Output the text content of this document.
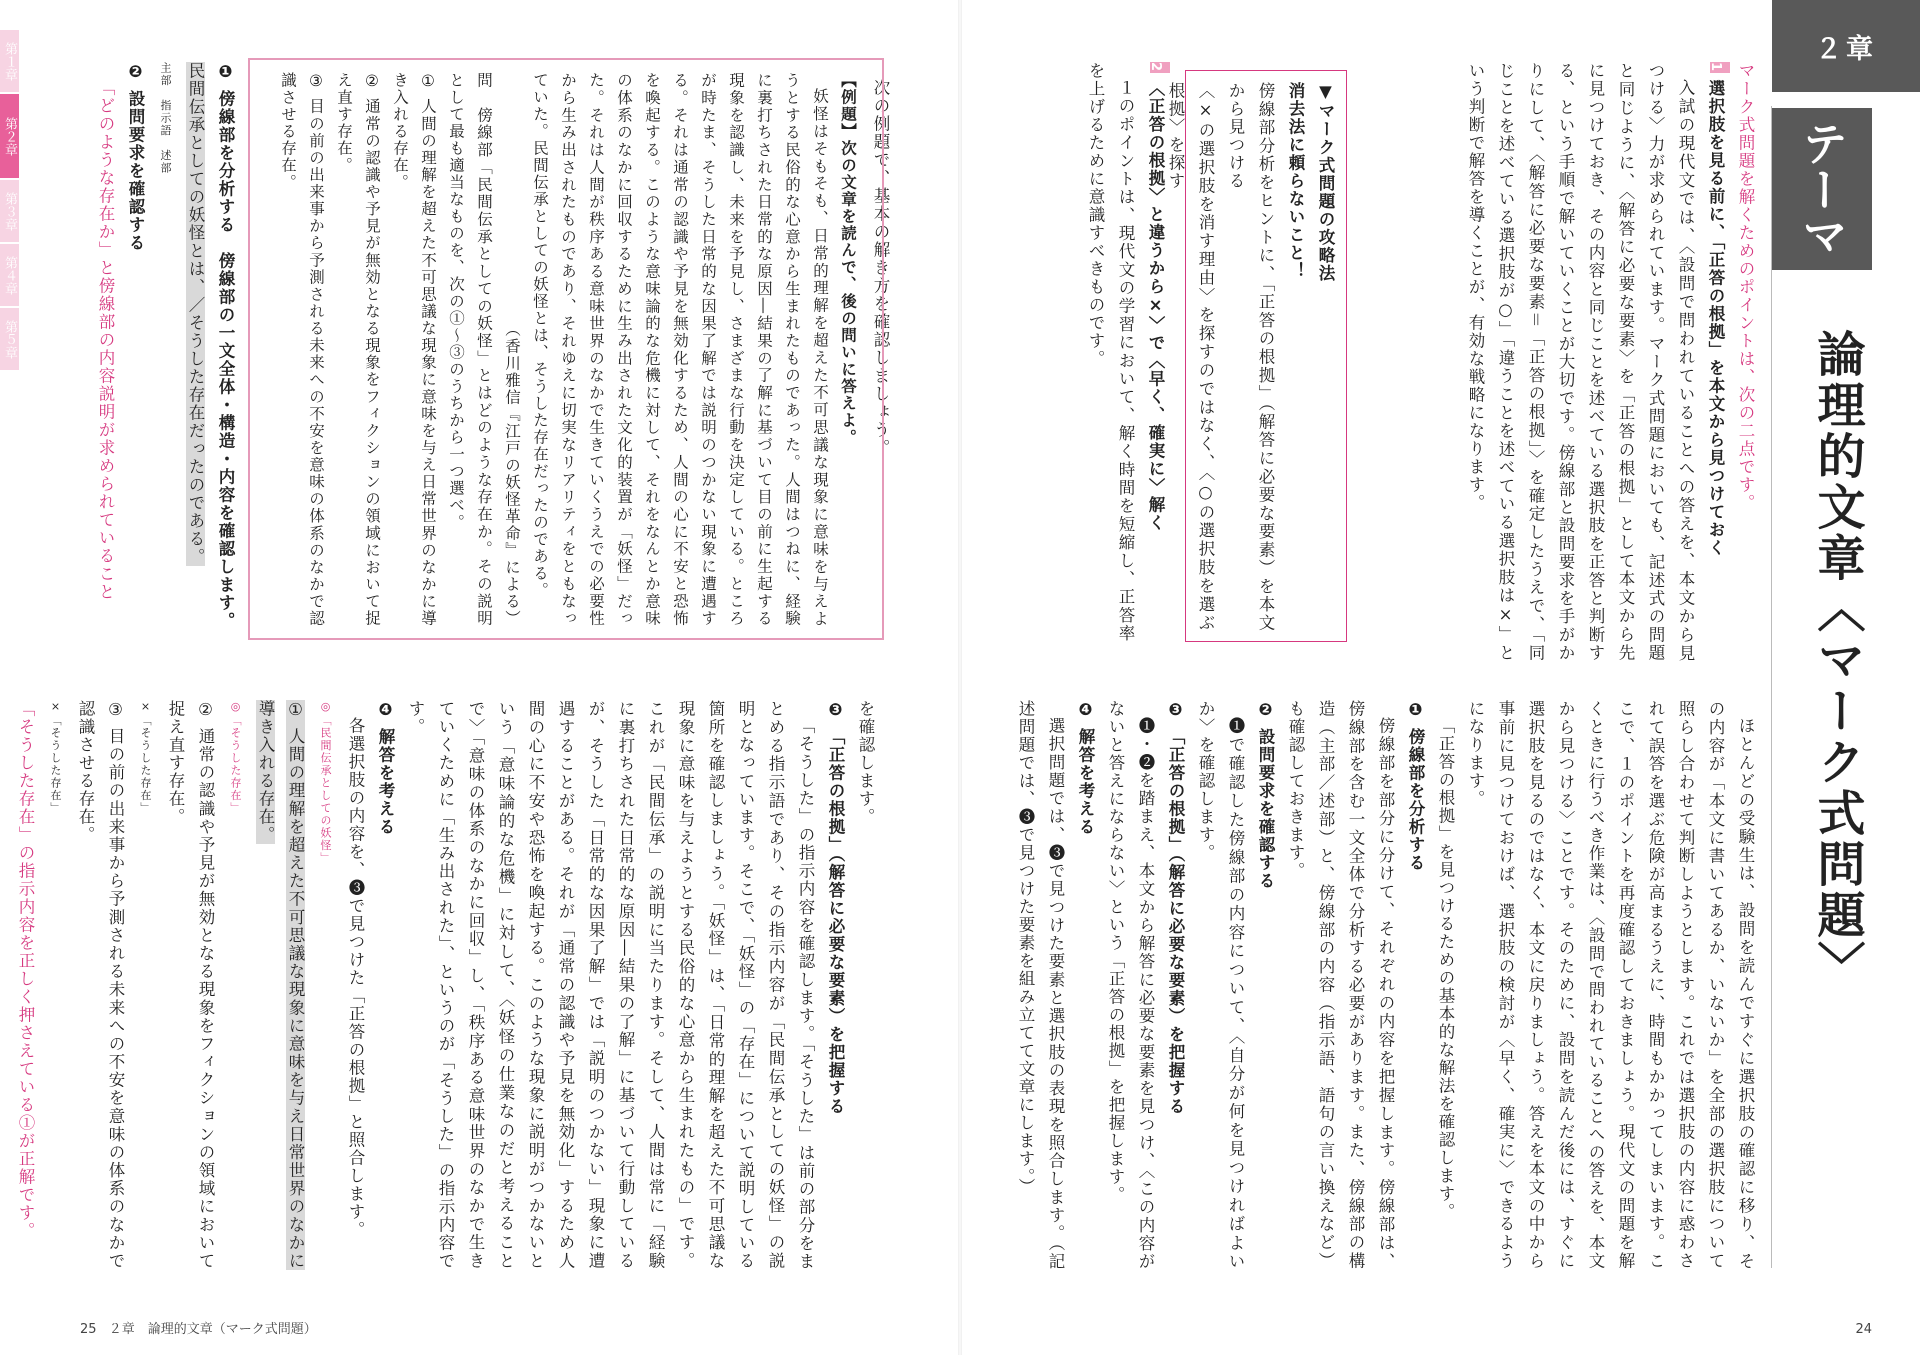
２章
テーマ
論理的文章〈マーク式問題〉

マーク式問題を解くためのポイントは、次の二点です。

1 選択肢を見る前に、「正答の根拠」を本文から見つけておく

入試の現代文では、〈設問で問われていることへの答えを、本文から見つける〉力が求められています。マーク式問題においても、記述式の問題と同じように、〈解答に必要な要素〉を「正答の根拠」として本文から先に見つけておき、その内容と同じことを述べている選択肢を正答と判断する、という手順で解いていくことが大切です。傍線部と設問要求を手がかりにして、〈解答に必要な要素＝「正答の根拠」〉を確定したうえで、「同じことを述べている選択肢が○」「違うことを述べている選択肢は×」という判断で解答を導くことが、有効な戦略になります。

▼マーク式問題の攻略法

消去法に頼らないこと！

傍線部分析をヒントに、「正答の根拠」（解答に必要な要素）を本文から見つける

〈×の選択肢を消す理由〉を探すのではなく、〈○の選択肢を選ぶ根拠〉を探す

2 〈正答の根拠〉と違うから×〉で〈早く、確実に〉解く

１のポイントは、現代文の学習において、解く時間を短縮し、正答率を上げるために意識すべきものです。

ほとんどの受験生は、設問を読んですぐに選択肢の確認に移り、その内容が「本文に書いてあるか、いないか」を全部の選択肢について照らし合わせて判断しようとします。これでは選択肢の内容に惑わされて誤答を選ぶ危険が高まるうえに、時間もかかってしまいます。ここで、１のポイントを再度確認しておきましょう。現代文の問題を解くときに行うべき作業は、〈設問で問われていることへの答えを、本文から見つける〉ことです。そのために、設問を読んだ後には、すぐに選択肢を見るのではなく、本文に戻りましょう。答えを本文の中から事前に見つけておけば、選択肢の検討が〈早く、確実に〉できるようになります。

「正答の根拠」を見つけるための基本的な解法を確認します。

❶ 傍線部を分析する

傍線部を部分に分けて、それぞれの内容を把握します。傍線部は、傍線部を含む一文全体で分析する必要があります。また、傍線部の構造（主部／述部）と、傍線部の内容（指示語、語句の言い換えなど）も確認しておきます。

❷ 設問要求を確認する

❶で確認した傍線部の内容について、〈自分が何を見つければよいか〉を確認します。

❸ 「正答の根拠」（解答に必要な要素）を把握する

❶・❷を踏まえ、本文から解答に必要な要素を見つけ、〈この内容がないと答えにならない〉という「正答の根拠」を把握します。

❹ 解答を考える

選択問題では、❸で見つけた要素と選択肢の表現を照合します。（記述問題では、❸で見つけた要素を組み立てて文章にします。）

第１章
第２章
第３章
第４章
第５章	次の例題で、基本の解き方を確認しましょう。

【例題】次の文章を読んで、後の問いに答えよ。

妖怪はそもそも、日常的理解を超えた不可思議な現象に意味を与えようとする民俗的な心意から生まれたものであった。人間はつねに、経験に裏打ちされた日常的な原因―結果の了解に基づいて目の前に生起する現象を認識し、未来を予見し、さまざまな行動を決定している。ところが時たま、そうした日常的な因果了解では説明のつかない現象に遭遇する。それは通常の認識や予見を無効化するため、人間の心に不安と恐怖を喚起する。このような意味論的な危機に対して、それをなんとか意味の体系のなかに回収するために生み出された文化的装置が「妖怪」だった。それは人間が秩序ある意味世界のなかで生きていくうえでの必要性から生み出されたものであり、それゆえに切実なリアリティをともなっていた。民間伝承としての妖怪とは、そうした存在だったのである。

（香川雅信『江戸の妖怪革命』による）

問　傍線部「民間伝承としての妖怪」とはどのような存在か。その説明として最も適当なものを、次の①〜③のうちから一つ選べ。

① 人間の理解を超えた不可思議な現象に意味を与え日常世界のなかに導き入れる存在。

② 通常の認識や予見が無効となる現象をフィクションの領域において捉え直す存在。

③ 目の前の出来事から予測される未来への不安を意味の体系のなかで認識させる存在。

❶ 傍線部を分析する　傍線部の一文全体・構造・内容を確認します。

民間伝承としての妖怪とは、／そうした存在だったのである。

主部　指示語　述部

❷ 設問要求を確認する

「どのような存在か」と傍線部の内容説明が求められていること

を確認します。

❸ 「正答の根拠」（解答に必要な要素）を把握する

「そうした」の指示内容を確認します。「そうした」は前の部分をまとめる指示語であり、その指示内容が「民間伝承としての妖怪」の説明となっています。そこで、「妖怪」の「存在」について説明している箇所を確認しましょう。「妖怪」は、「日常的理解を超えた不可思議な現象に意味を与えようとする民俗的な心意から生まれたもの」です。これが「民間伝承」の説明に当たります。そして、人間は常に「経験に裏打ちされた日常的な原因―結果の了解」に基づいて行動しているが、そうした「日常的な因果了解」では「説明のつかない」現象に遭遇することがある。それが「通常の認識や予見を無効化」するため人間の心に不安や恐怖を喚起する。このような現象に説明がつかないという「意味論的な危機」に対して、〈妖怪の仕業なのだと考えることで〉「意味の体系のなかに回収」し、「秩序ある意味世界のなかで生きていくために「生み出された」、というのが「そうした」の指示内容です。

❹ 解答を考える

各選択肢の内容を、❸で見つけた「正答の根拠」と照合します。

◎「民間伝承としての妖怪」

① 人間の理解を超えた不可思議な現象に意味を与え日常世界のなかに導き入れる存在。

◎「そうした存在」

② 通常の認識や予見が無効となる現象をフィクションの領域において捉え直す存在。

×「そうした存在」

③ 目の前の出来事から予測される未来への不安を意味の体系のなかで認識させる存在。

×「そうした存在」

「そうした存在」の指示内容を正しく押さえている①が正解です。

25 ２章　論理的文章（マーク式問題）	24
